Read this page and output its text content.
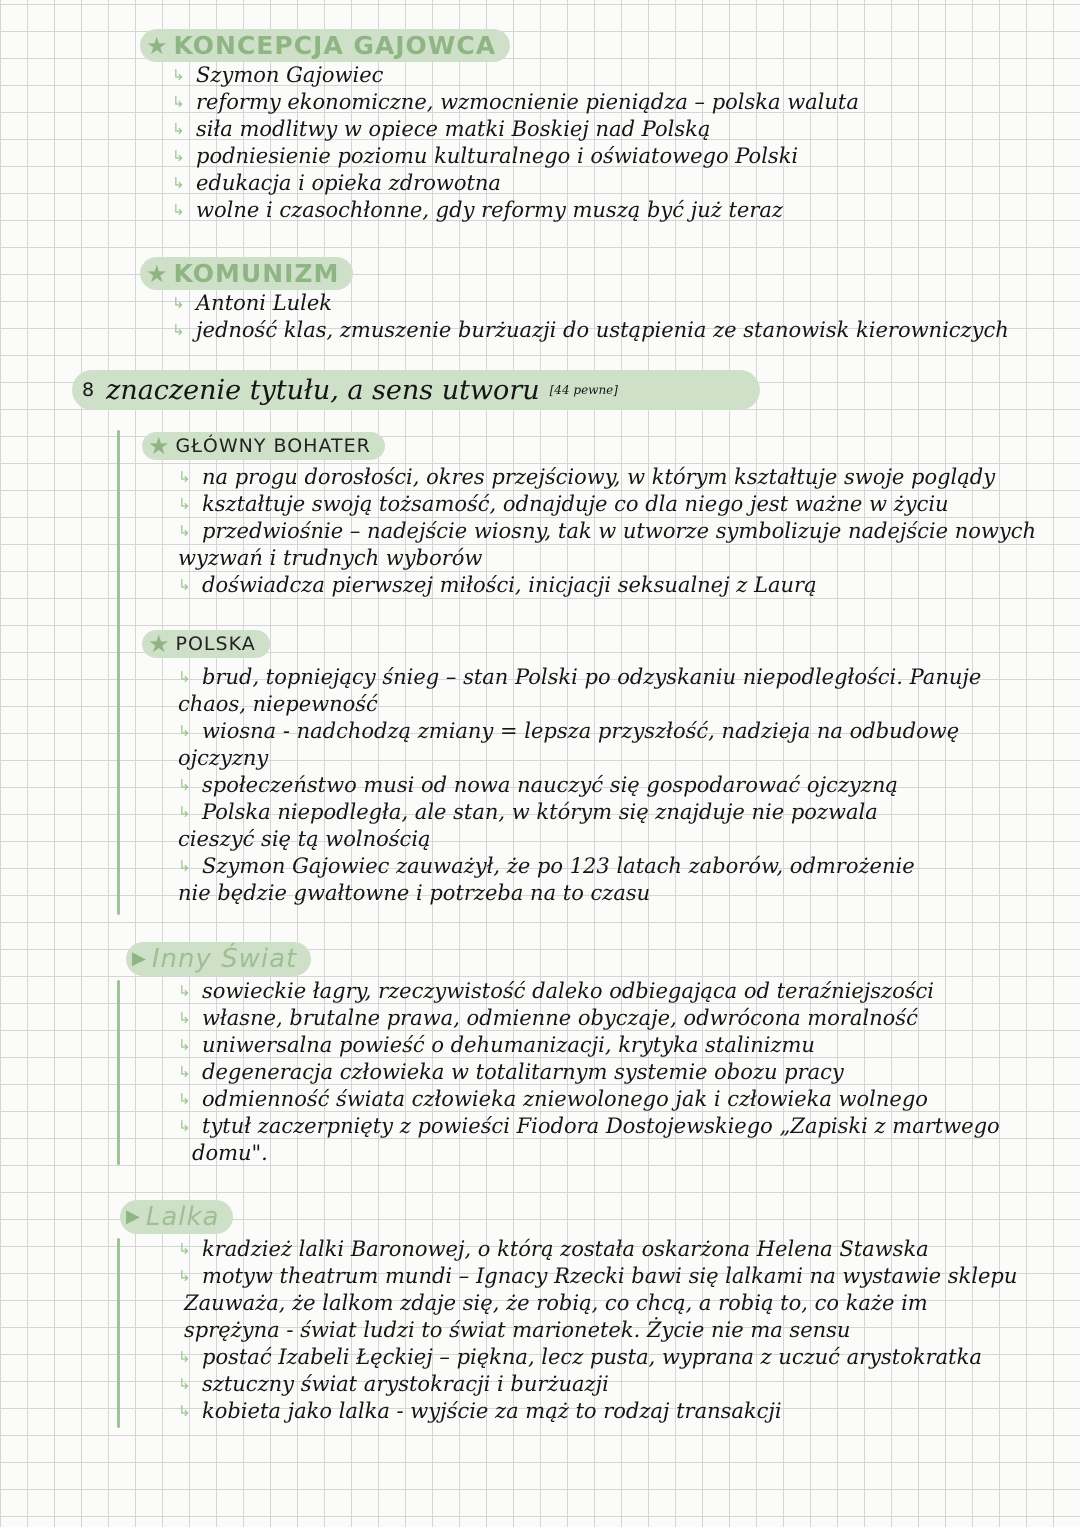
★ KONCEPCJA GAJOWCA
↳ Szymon Gajowiec
↳ reformy ekonomiczne, wzmocnienie pieniądza – polska waluta
↳ siła modlitwy w opiece matki Boskiej nad Polską
↳ podniesienie poziomu kulturalnego i oświatowego Polski
↳ edukacja i opieka zdrowotna
↳ wolne i czasochłonne, gdy reformy muszą być już teraz
★ KOMUNIZM
↳ Antoni Lulek
↳ jedność klas, zmuszenie burżuazji do ustąpienia ze stanowisk kierowniczych
8 znaczenie tytułu, a sens utworu [44 pewne]
★ GŁÓWNY BOHATER
↳ na progu dorosłości, okres przejściowy, w którym kształtuje swoje poglądy
↳ kształtuje swoją tożsamość, odnajduje co dla niego jest ważne w życiu
↳ przedwiośnie – nadejście wiosny, tak w utworze symbolizuje nadejście nowych
wyzwań i trudnych wyborów
↳ doświadcza pierwszej miłości, inicjacji seksualnej z Laurą
★ POLSKA
↳ brud, topniejący śnieg – stan Polski po odzyskaniu niepodległości. Panuje
chaos, niepewność
↳ wiosna - nadchodzą zmiany = lepsza przyszłość, nadzieja na odbudowę
ojczyzny
↳ społeczeństwo musi od nowa nauczyć się gospodarować ojczyzną
↳ Polska niepodległa, ale stan, w którym się znajduje nie pozwala
cieszyć się tą wolnością
↳ Szymon Gajowiec zauważył, że po 123 latach zaborów, odmrożenie
nie będzie gwałtowne i potrzeba na to czasu
▶ Inny Świat
↳ sowieckie łagry, rzeczywistość daleko odbiegająca od teraźniejszości
↳ własne, brutalne prawa, odmienne obyczaje, odwrócona moralność
↳ uniwersalna powieść o dehumanizacji, krytyka stalinizmu
↳ degeneracja człowieka w totalitarnym systemie obozu pracy
↳ odmienność świata człowieka zniewolonego jak i człowieka wolnego
↳ tytuł zaczerpnięty z powieści Fiodora Dostojewskiego „Zapiski z martwego
domu".
▶ Lalka
↳ kradzież lalki Baronowej, o którą została oskarżona Helena Stawska
↳ motyw theatrum mundi – Ignacy Rzecki bawi się lalkami na wystawie sklepu
Zauważa, że lalkom zdaje się, że robią, co chcą, a robią to, co każe im
sprężyna - świat ludzi to świat marionetek. Życie nie ma sensu
↳ postać Izabeli Łęckiej – piękna, lecz pusta, wyprana z uczuć arystokratka
↳ sztuczny świat arystokracji i burżuazji
↳ kobieta jako lalka - wyjście za mąż to rodzaj transakcji
